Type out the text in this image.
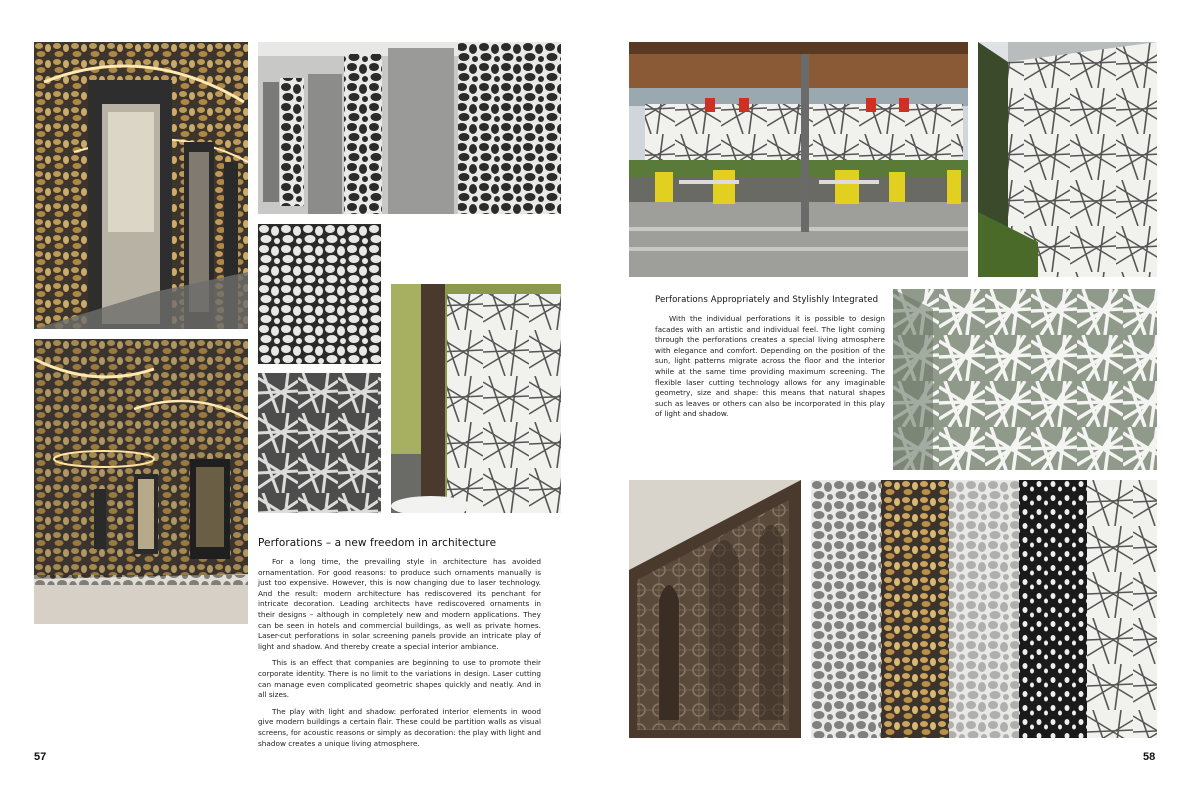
Perforations – a new freedom in architecture

For a long time, the prevailing style in architecture has avoided ornamentation. For good reasons: to produce such ornaments manually is just too expensive. However, this is now changing due to laser technology. And the result: modern architecture has rediscovered its penchant for intricate decoration. Leading architects have rediscovered ornaments in their designs – although in completely new and modern applications. They can be seen in hotels and commercial buildings, as well as private homes. Laser-cut perforations in solar screening panels provide an intricate play of light and shadow. And thereby create a special interior ambiance.

This is an effect that companies are beginning to use to promote their corporate identity. There is no limit to the variations in design. Laser cutting can manage even complicated geometric shapes quickly and neatly. And in all sizes.

The play with light and shadow: perforated interior elements in wood give modern buildings a certain flair. These could be partition walls as visual screens, for acoustic reasons or simply as decoration: the play with light and shadow creates a unique living atmosphere.

57
Perforations Appropriately and Stylishly Integrated

With the individual perforations it is possible to design facades with an artistic and individual feel. The light coming through the perforations creates a special living atmosphere with elegance and comfort. Depending on the position of the sun, light patterns migrate across the floor and the interior while at the same time providing maximum screening. The flexible laser cutting technology allows for any imaginable geometry, size and shape: this means that natural shapes such as leaves or others can also be incorporated in this play of light and shadow.

58
